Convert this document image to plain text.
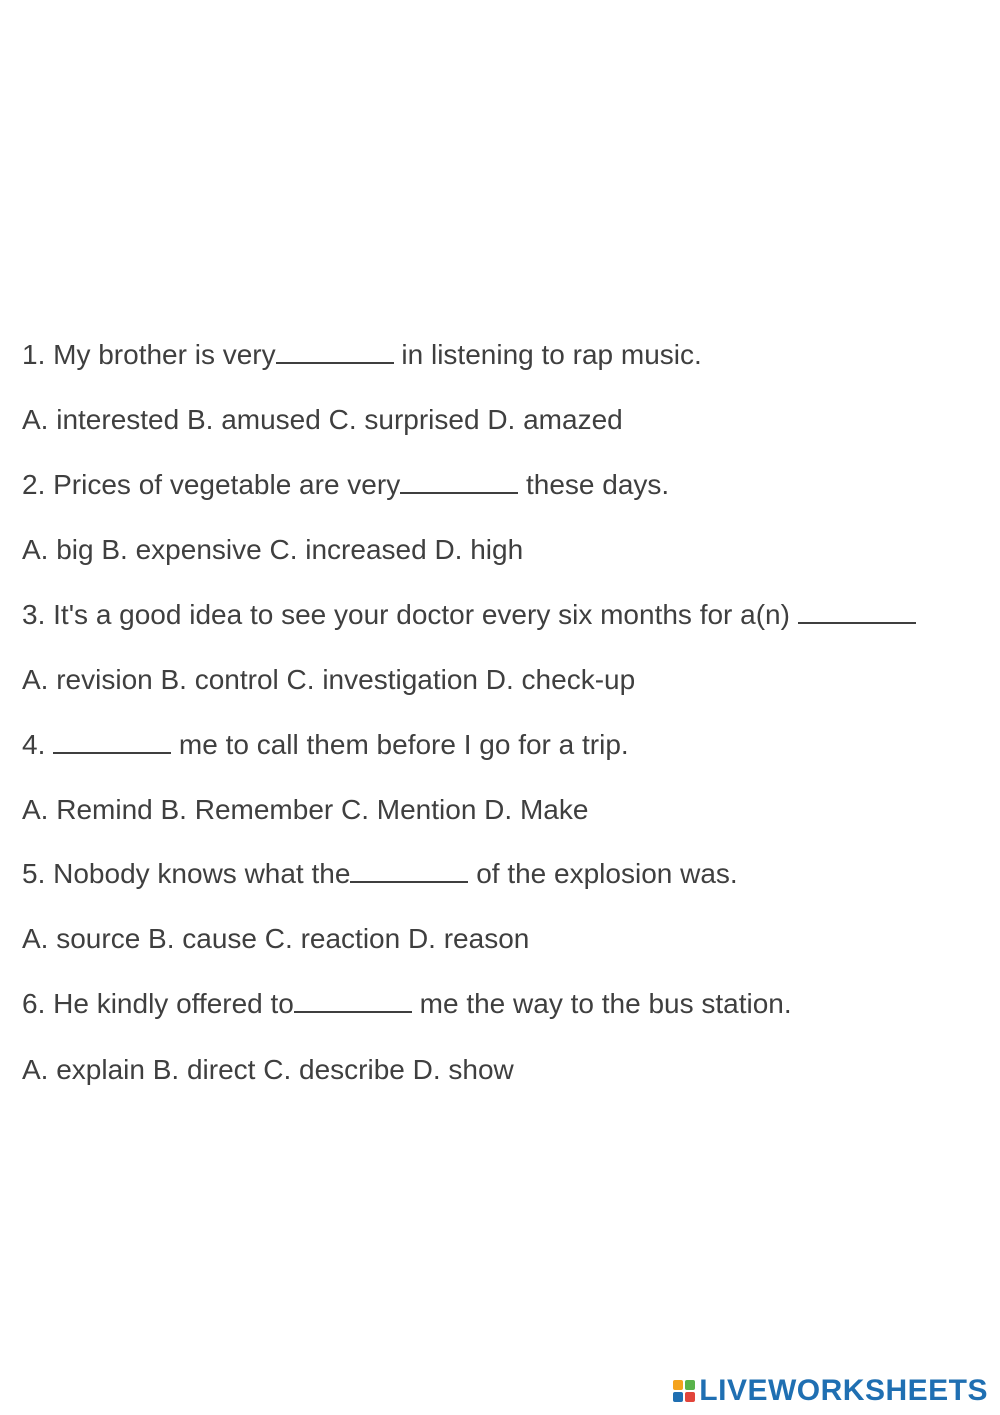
1. My brother is very	in listening to rap music.

A. interested B. amused C. surprised D. amazed

2. Prices of vegetable are very	these days.

A. big B. expensive C. increased D. high

3. It's a good idea to see your doctor every six months for a(n)

A. revision B. control C. investigation D. check-up

4.	me to call them before I go for a trip.

A. Remind B. Remember C. Mention D. Make

5. Nobody knows what the	of the explosion was.

A. source B. cause C. reaction D. reason

6. He kindly offered to	me the way to the bus station.

A. explain B. direct C. describe D. show

LIVEWORKSHEETS
